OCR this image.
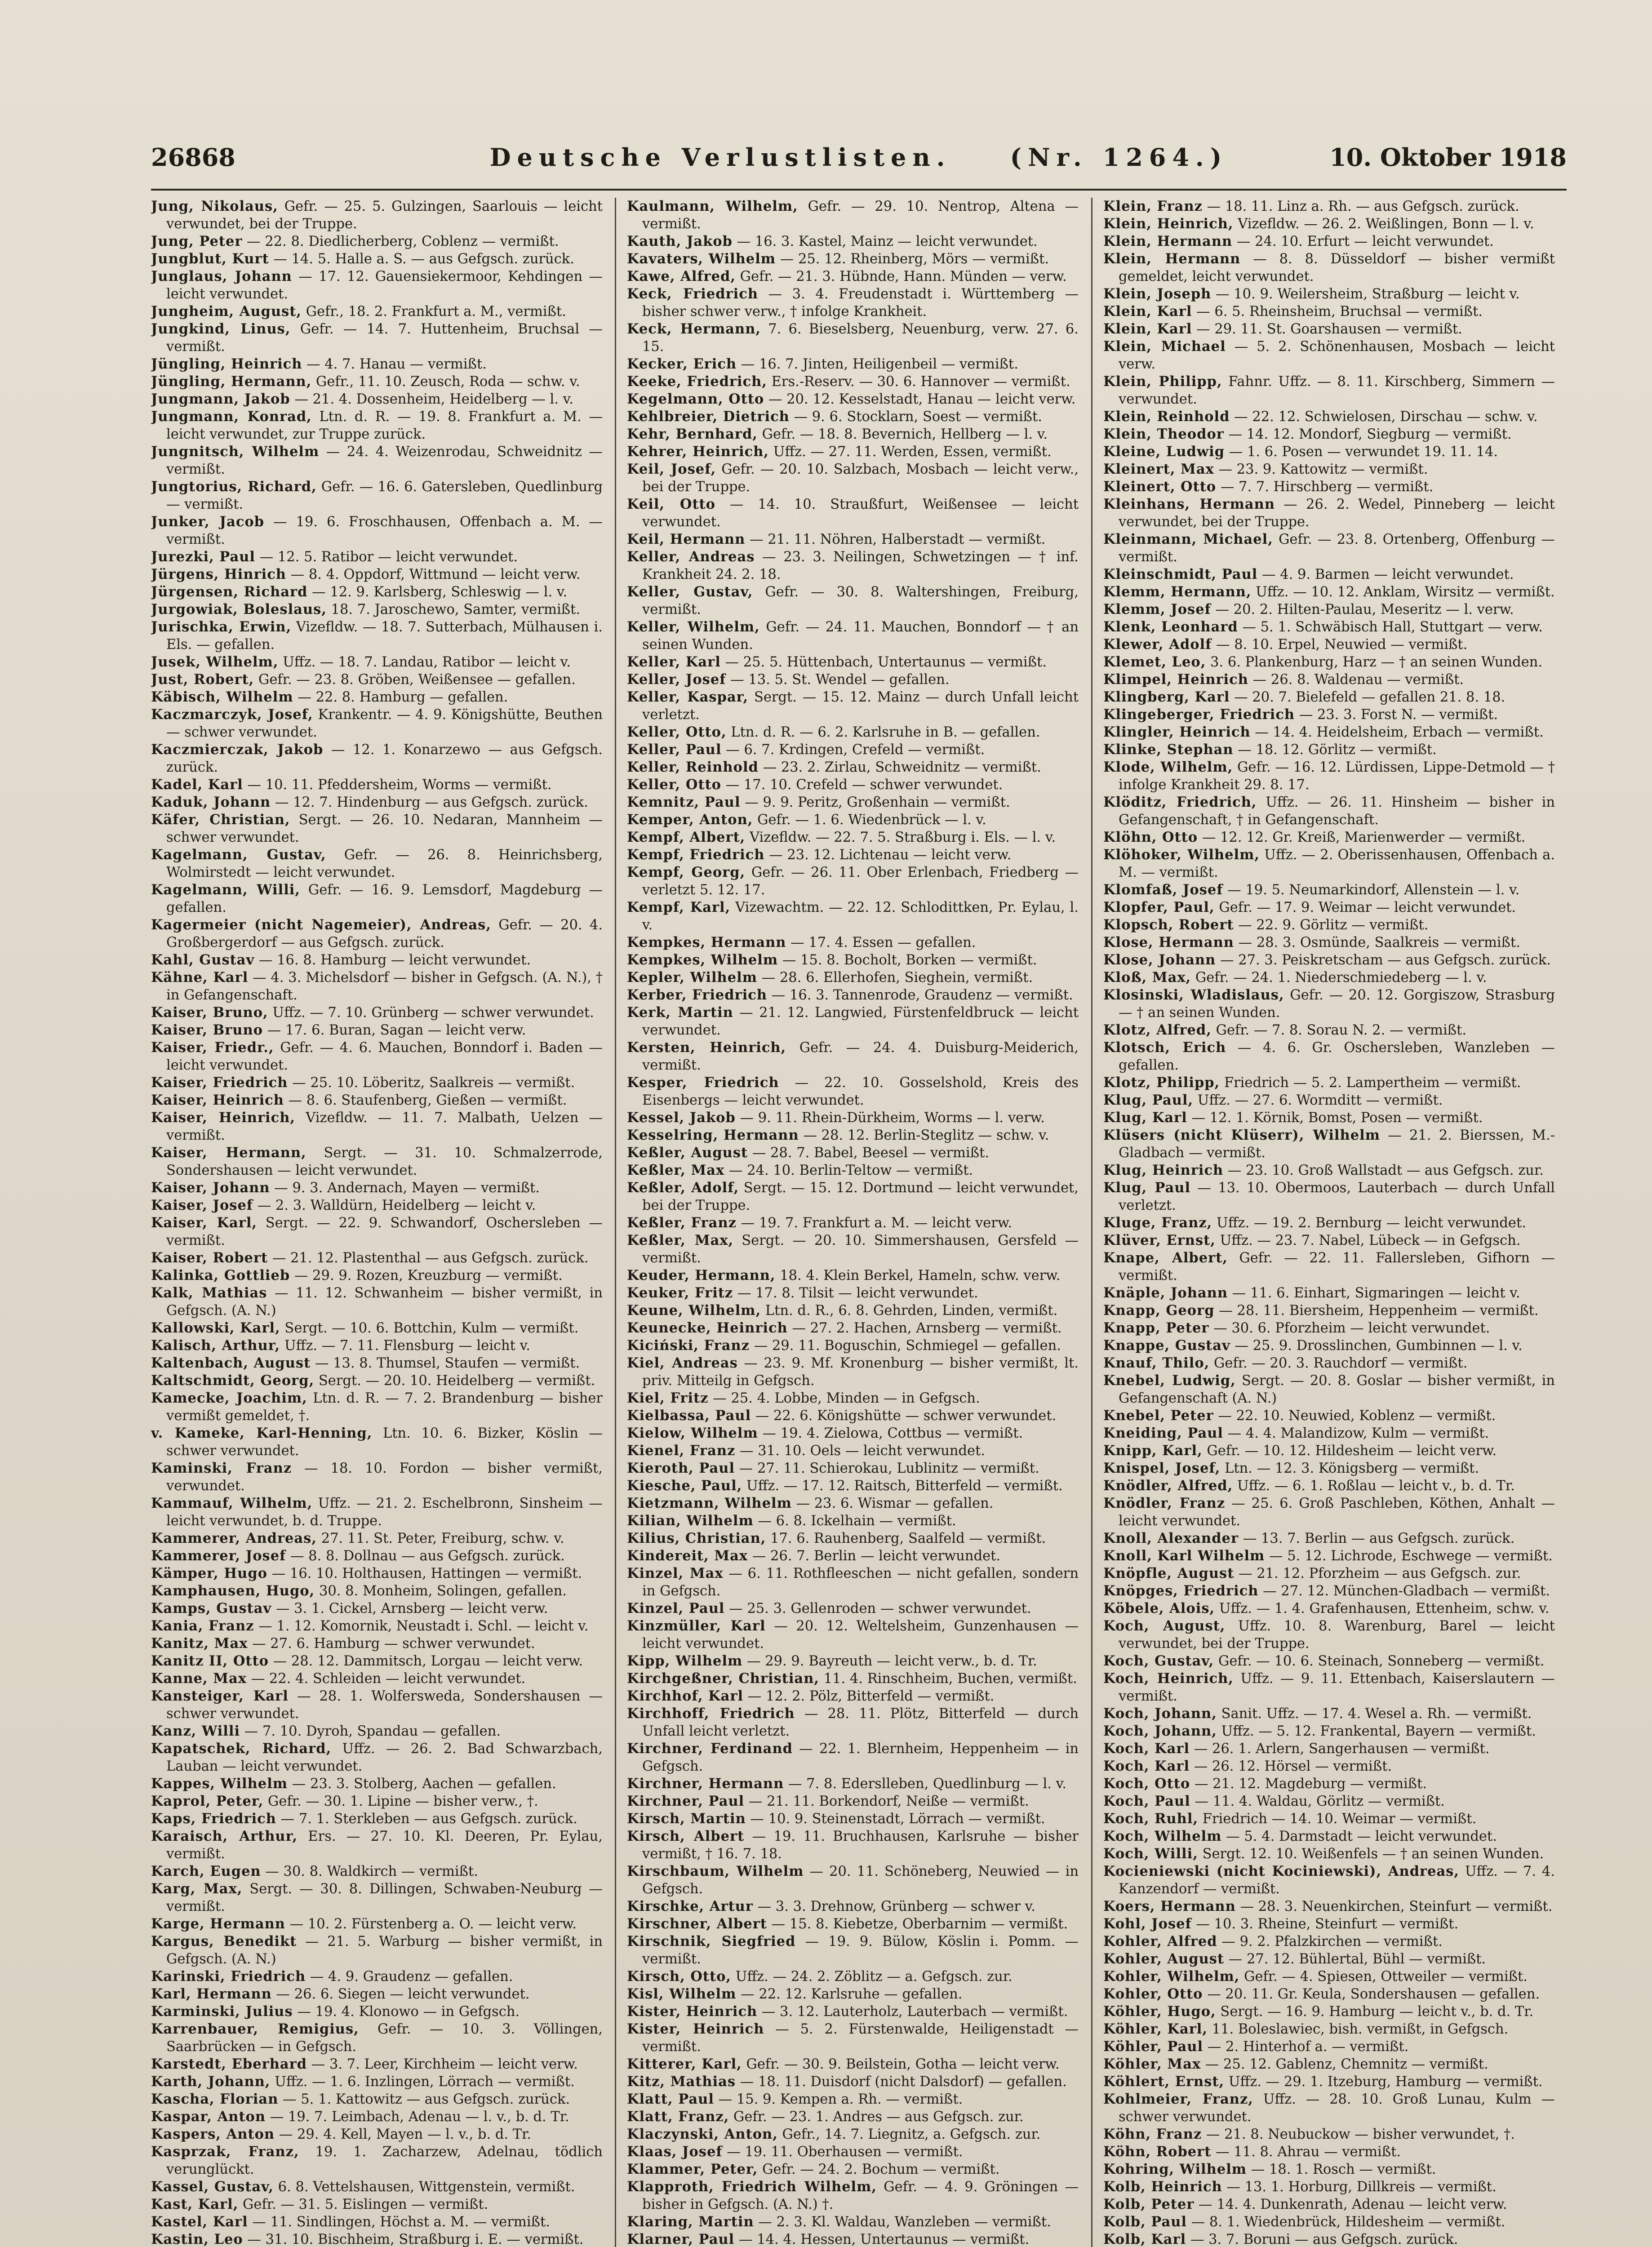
26868	Deutsche Verlustlisten. (Nr. 1264.)	10. Oktober 1918

Jung, Nikolaus, Gefr. — 25. 5. Gulzingen, Saarlouis — leicht verwundet, bei der Truppe.

Jung, Peter — 22. 8. Diedlicherberg, Coblenz — vermißt.

Jungblut, Kurt — 14. 5. Halle a. S. — aus Gefgsch. zurück.

Junglaus, Johann — 17. 12. Gauensiekermoor, Kehdingen — leicht verwundet.

Jungheim, August, Gefr., 18. 2. Frankfurt a. M., vermißt.

Jungkind, Linus, Gefr. — 14. 7. Huttenheim, Bruchsal — vermißt.

Jüngling, Heinrich — 4. 7. Hanau — vermißt.

Jüngling, Hermann, Gefr., 11. 10. Zeusch, Roda — schw. v.

Jungmann, Jakob — 21. 4. Dossenheim, Heidelberg — l. v.

Jungmann, Konrad, Ltn. d. R. — 19. 8. Frankfurt a. M. — leicht verwundet, zur Truppe zurück.

Jungnitsch, Wilhelm — 24. 4. Weizenrodau, Schweidnitz — vermißt.

Jungtorius, Richard, Gefr. — 16. 6. Gatersleben, Quedlinburg — vermißt.

Junker, Jacob — 19. 6. Froschhausen, Offenbach a. M. — vermißt.

Jurezki, Paul — 12. 5. Ratibor — leicht verwundet.

Jürgens, Hinrich — 8. 4. Oppdorf, Wittmund — leicht verw.

Jürgensen, Richard — 12. 9. Karlsberg, Schleswig — l. v.

Jurgowiak, Boleslaus, 18. 7. Jaroschewo, Samter, vermißt.

Jurischka, Erwin, Vizefldw. — 18. 7. Sutterbach, Mülhausen i. Els. — gefallen.

Jusek, Wilhelm, Uffz. — 18. 7. Landau, Ratibor — leicht v.

Just, Robert, Gefr. — 23. 8. Gröben, Weißensee — gefallen.

Käbisch, Wilhelm — 22. 8. Hamburg — gefallen.

Kaczmarczyk, Josef, Krankentr. — 4. 9. Königshütte, Beuthen — schwer verwundet.

Kaczmierczak, Jakob — 12. 1. Konarzewo — aus Gefgsch. zurück.

Kadel, Karl — 10. 11. Pfeddersheim, Worms — vermißt.

Kaduk, Johann — 12. 7. Hindenburg — aus Gefgsch. zurück.

Käfer, Christian, Sergt. — 26. 10. Nedaran, Mannheim — schwer verwundet.

Kagelmann, Gustav, Gefr. — 26. 8. Heinrichsberg, Wolmirstedt — leicht verwundet.

Kagelmann, Willi, Gefr. — 16. 9. Lemsdorf, Magdeburg — gefallen.

Kagermeier (nicht Nagemeier), Andreas, Gefr. — 20. 4. Großbergerdorf — aus Gefgsch. zurück.

Kahl, Gustav — 16. 8. Hamburg — leicht verwundet.

Kähne, Karl — 4. 3. Michelsdorf — bisher in Gefgsch. (A. N.), † in Gefangenschaft.

Kaiser, Bruno, Uffz. — 7. 10. Grünberg — schwer verwundet.

Kaiser, Bruno — 17. 6. Buran, Sagan — leicht verw.

Kaiser, Friedr., Gefr. — 4. 6. Mauchen, Bonndorf i. Baden — leicht verwundet.

Kaiser, Friedrich — 25. 10. Löberitz, Saalkreis — vermißt.

Kaiser, Heinrich — 8. 6. Staufenberg, Gießen — vermißt.

Kaiser, Heinrich, Vizefldw. — 11. 7. Malbath, Uelzen — vermißt.

Kaiser, Hermann, Sergt. — 31. 10. Schmalzerrode, Sondershausen — leicht verwundet.

Kaiser, Johann — 9. 3. Andernach, Mayen — vermißt.

Kaiser, Josef — 2. 3. Walldürn, Heidelberg — leicht v.

Kaiser, Karl, Sergt. — 22. 9. Schwandorf, Oschersleben — vermißt.

Kaiser, Robert — 21. 12. Plastenthal — aus Gefgsch. zurück.

Kalinka, Gottlieb — 29. 9. Rozen, Kreuzburg — vermißt.

Kalk, Mathias — 11. 12. Schwanheim — bisher vermißt, in Gefgsch. (A. N.)

Kallowski, Karl, Sergt. — 10. 6. Bottchin, Kulm — vermißt.

Kalisch, Arthur, Uffz. — 7. 11. Flensburg — leicht v.

Kaltenbach, August — 13. 8. Thumsel, Staufen — vermißt.

Kaltschmidt, Georg, Sergt. — 20. 10. Heidelberg — vermißt.

Kamecke, Joachim, Ltn. d. R. — 7. 2. Brandenburg — bisher vermißt gemeldet, †.

v. Kameke, Karl-Henning, Ltn. 10. 6. Bizker, Köslin — schwer verwundet.

Kaminski, Franz — 18. 10. Fordon — bisher vermißt, verwundet.

Kammauf, Wilhelm, Uffz. — 21. 2. Eschelbronn, Sinsheim — leicht verwundet, b. d. Truppe.

Kammerer, Andreas, 27. 11. St. Peter, Freiburg, schw. v.

Kammerer, Josef — 8. 8. Dollnau — aus Gefgsch. zurück.

Kämper, Hugo — 16. 10. Holthausen, Hattingen — vermißt.

Kamphausen, Hugo, 30. 8. Monheim, Solingen, gefallen.

Kamps, Gustav — 3. 1. Cickel, Arnsberg — leicht verw.

Kania, Franz — 1. 12. Komornik, Neustadt i. Schl. — leicht v.

Kanitz, Max — 27. 6. Hamburg — schwer verwundet.

Kanitz II, Otto — 28. 12. Dammitsch, Lorgau — leicht verw.

Kanne, Max — 22. 4. Schleiden — leicht verwundet.

Kansteiger, Karl — 28. 1. Wolfersweda, Sondershausen — schwer verwundet.

Kanz, Willi — 7. 10. Dyroh, Spandau — gefallen.

Kapatschek, Richard, Uffz. — 26. 2. Bad Schwarzbach, Lauban — leicht verwundet.

Kappes, Wilhelm — 23. 3. Stolberg, Aachen — gefallen.

Kaprol, Peter, Gefr. — 30. 1. Lipine — bisher verw., †.

Kaps, Friedrich — 7. 1. Sterkleben — aus Gefgsch. zurück.

Karaisch, Arthur, Ers. — 27. 10. Kl. Deeren, Pr. Eylau, vermißt.

Karch, Eugen — 30. 8. Waldkirch — vermißt.

Karg, Max, Sergt. — 30. 8. Dillingen, Schwaben-Neuburg — vermißt.

Karge, Hermann — 10. 2. Fürstenberg a. O. — leicht verw.

Kargus, Benedikt — 21. 5. Warburg — bisher vermißt, in Gefgsch. (A. N.)

Karinski, Friedrich — 4. 9. Graudenz — gefallen.

Karl, Hermann — 26. 6. Siegen — leicht verwundet.

Karminski, Julius — 19. 4. Klonowo — in Gefgsch.

Karrenbauer, Remigius, Gefr. — 10. 3. Völlingen, Saarbrücken — in Gefgsch.

Karstedt, Eberhard — 3. 7. Leer, Kirchheim — leicht verw.

Karth, Johann, Uffz. — 1. 6. Inzlingen, Lörrach — vermißt.

Kascha, Florian — 5. 1. Kattowitz — aus Gefgsch. zurück.

Kaspar, Anton — 19. 7. Leimbach, Adenau — l. v., b. d. Tr.

Kaspers, Anton — 29. 4. Kell, Mayen — l. v., b. d. Tr.

Kasprzak, Franz, 19. 1. Zacharzew, Adelnau, tödlich verunglückt.

Kassel, Gustav, 6. 8. Vettelshausen, Wittgenstein, vermißt.

Kast, Karl, Gefr. — 31. 5. Eislingen — vermißt.

Kastel, Karl — 11. Sindlingen, Höchst a. M. — vermißt.

Kastin, Leo — 31. 10. Bischheim, Straßburg i. E. — vermißt.

Kaulmann, Wilhelm, Gefr. — 29. 10. Nentrop, Altena — vermißt.

Kauth, Jakob — 16. 3. Kastel, Mainz — leicht verwundet.

Kavaters, Wilhelm — 25. 12. Rheinberg, Mörs — vermißt.

Kawe, Alfred, Gefr. — 21. 3. Hübnde, Hann. Münden — verw.

Keck, Friedrich — 3. 4. Freudenstadt i. Württemberg — bisher schwer verw., † infolge Krankheit.

Keck, Hermann, 7. 6. Bieselsberg, Neuenburg, verw. 27. 6. 15.

Kecker, Erich — 16. 7. Jinten, Heiligenbeil — vermißt.

Keeke, Friedrich, Ers.-Reserv. — 30. 6. Hannover — vermißt.

Kegelmann, Otto — 20. 12. Kesselstadt, Hanau — leicht verw.

Kehlbreier, Dietrich — 9. 6. Stocklarn, Soest — vermißt.

Kehr, Bernhard, Gefr. — 18. 8. Bevernich, Hellberg — l. v.

Kehrer, Heinrich, Uffz. — 27. 11. Werden, Essen, vermißt.

Keil, Josef, Gefr. — 20. 10. Salzbach, Mosbach — leicht verw., bei der Truppe.

Keil, Otto — 14. 10. Straußfurt, Weißensee — leicht verwundet.

Keil, Hermann — 21. 11. Nöhren, Halberstadt — vermißt.

Keller, Andreas — 23. 3. Neilingen, Schwetzingen — † inf. Krankheit 24. 2. 18.

Keller, Gustav, Gefr. — 30. 8. Waltershingen, Freiburg, vermißt.

Keller, Wilhelm, Gefr. — 24. 11. Mauchen, Bonndorf — † an seinen Wunden.

Keller, Karl — 25. 5. Hüttenbach, Untertaunus — vermißt.

Keller, Josef — 13. 5. St. Wendel — gefallen.

Keller, Kaspar, Sergt. — 15. 12. Mainz — durch Unfall leicht verletzt.

Keller, Otto, Ltn. d. R. — 6. 2. Karlsruhe in B. — gefallen.

Keller, Paul — 6. 7. Krdingen, Crefeld — vermißt.

Keller, Reinhold — 23. 2. Zirlau, Schweidnitz — vermißt.

Keller, Otto — 17. 10. Crefeld — schwer verwundet.

Kemnitz, Paul — 9. 9. Peritz, Großenhain — vermißt.

Kemper, Anton, Gefr. — 1. 6. Wiedenbrück — l. v.

Kempf, Albert, Vizefldw. — 22. 7. 5. Straßburg i. Els. — l. v.

Kempf, Friedrich — 23. 12. Lichtenau — leicht verw.

Kempf, Georg, Gefr. — 26. 11. Ober Erlenbach, Friedberg — verletzt 5. 12. 17.

Kempf, Karl, Vizewachtm. — 22. 12. Schlodittken, Pr. Eylau, l. v.

Kempkes, Hermann — 17. 4. Essen — gefallen.

Kempkes, Wilhelm — 15. 8. Bocholt, Borken — vermißt.

Kepler, Wilhelm — 28. 6. Ellerhofen, Sieghein, vermißt.

Kerber, Friedrich — 16. 3. Tannenrode, Graudenz — vermißt.

Kerk, Martin — 21. 12. Langwied, Fürstenfeldbruck — leicht verwundet.

Kersten, Heinrich, Gefr. — 24. 4. Duisburg-Meiderich, vermißt.

Kesper, Friedrich — 22. 10. Gosselshold, Kreis des Eisenbergs — leicht verwundet.

Kessel, Jakob — 9. 11. Rhein-Dürkheim, Worms — l. verw.

Kesselring, Hermann — 28. 12. Berlin-Steglitz — schw. v.

Keßler, August — 28. 7. Babel, Beesel — vermißt.

Keßler, Max — 24. 10. Berlin-Teltow — vermißt.

Keßler, Adolf, Sergt. — 15. 12. Dortmund — leicht verwundet, bei der Truppe.

Keßler, Franz — 19. 7. Frankfurt a. M. — leicht verw.

Keßler, Max, Sergt. — 20. 10. Simmershausen, Gersfeld — vermißt.

Keuder, Hermann, 18. 4. Klein Berkel, Hameln, schw. verw.

Keuker, Fritz — 17. 8. Tilsit — leicht verwundet.

Keune, Wilhelm, Ltn. d. R., 6. 8. Gehrden, Linden, vermißt.

Keunecke, Heinrich — 27. 2. Hachen, Arnsberg — vermißt.

Kiciński, Franz — 29. 11. Boguschin, Schmiegel — gefallen.

Kiel, Andreas — 23. 9. Mf. Kronenburg — bisher vermißt, lt. priv. Mitteilg in Gefgsch.

Kiel, Fritz — 25. 4. Lobbe, Minden — in Gefgsch.

Kielbassa, Paul — 22. 6. Königshütte — schwer verwundet.

Kielow, Wilhelm — 19. 4. Zielowa, Cottbus — vermißt.

Kienel, Franz — 31. 10. Oels — leicht verwundet.

Kieroth, Paul — 27. 11. Schierokau, Lublinitz — vermißt.

Kiesche, Paul, Uffz. — 17. 12. Raitsch, Bitterfeld — vermißt.

Kietzmann, Wilhelm — 23. 6. Wismar — gefallen.

Kilian, Wilhelm — 6. 8. Ickelhain — vermißt.

Kilius, Christian, 17. 6. Rauhenberg, Saalfeld — vermißt.

Kindereit, Max — 26. 7. Berlin — leicht verwundet.

Kinzel, Max — 6. 11. Rothfleeschen — nicht gefallen, sondern in Gefgsch.

Kinzel, Paul — 25. 3. Gellenroden — schwer verwundet.

Kinzmüller, Karl — 20. 12. Weltelsheim, Gunzenhausen — leicht verwundet.

Kipp, Wilhelm — 29. 9. Bayreuth — leicht verw., b. d. Tr.

Kirchgeßner, Christian, 11. 4. Rinschheim, Buchen, vermißt.

Kirchhof, Karl — 12. 2. Pölz, Bitterfeld — vermißt.

Kirchhoff, Friedrich — 28. 11. Plötz, Bitterfeld — durch Unfall leicht verletzt.

Kirchner, Ferdinand — 22. 1. Blernheim, Heppenheim — in Gefgsch.

Kirchner, Hermann — 7. 8. Ederslleben, Quedlinburg — l. v.

Kirchner, Paul — 21. 11. Borkendorf, Neiße — vermißt.

Kirsch, Martin — 10. 9. Steinenstadt, Lörrach — vermißt.

Kirsch, Albert — 19. 11. Bruchhausen, Karlsruhe — bisher vermißt, † 16. 7. 18.

Kirschbaum, Wilhelm — 20. 11. Schöneberg, Neuwied — in Gefgsch.

Kirschke, Artur — 3. 3. Drehnow, Grünberg — schwer v.

Kirschner, Albert — 15. 8. Kiebetze, Oberbarnim — vermißt.

Kirschnik, Siegfried — 19. 9. Bülow, Köslin i. Pomm. — vermißt.

Kirsch, Otto, Uffz. — 24. 2. Zöblitz — a. Gefgsch. zur.

Kisl, Wilhelm — 22. 12. Karlsruhe — gefallen.

Kister, Heinrich — 3. 12. Lauterholz, Lauterbach — vermißt.

Kister, Heinrich — 5. 2. Fürstenwalde, Heiligenstadt — vermißt.

Kitterer, Karl, Gefr. — 30. 9. Beilstein, Gotha — leicht verw.

Kitz, Mathias — 18. 11. Duisdorf (nicht Dalsdorf) — gefallen.

Klatt, Paul — 15. 9. Kempen a. Rh. — vermißt.

Klatt, Franz, Gefr. — 23. 1. Andres — aus Gefgsch. zur.

Klaczynski, Anton, Gefr., 14. 7. Liegnitz, a. Gefgsch. zur.

Klaas, Josef — 19. 11. Oberhausen — vermißt.

Klammer, Peter, Gefr. — 24. 2. Bochum — vermißt.

Klapproth, Friedrich Wilhelm, Gefr. — 4. 9. Gröningen — bisher in Gefgsch. (A. N.) †.

Klaring, Martin — 2. 3. Kl. Waldau, Wanzleben — vermißt.

Klarner, Paul — 14. 4. Hessen, Untertaunus — vermißt.

Klein, Franz — 18. 11. Linz a. Rh. — aus Gefgsch. zurück.

Klein, Heinrich, Vizefldw. — 26. 2. Weißlingen, Bonn — l. v.

Klein, Hermann — 24. 10. Erfurt — leicht verwundet.

Klein, Hermann — 8. 8. Düsseldorf — bisher vermißt gemeldet, leicht verwundet.

Klein, Joseph — 10. 9. Weilersheim, Straßburg — leicht v.

Klein, Karl — 6. 5. Rheinsheim, Bruchsal — vermißt.

Klein, Karl — 29. 11. St. Goarshausen — vermißt.

Klein, Michael — 5. 2. Schönenhausen, Mosbach — leicht verw.

Klein, Philipp, Fahnr. Uffz. — 8. 11. Kirschberg, Simmern — verwundet.

Klein, Reinhold — 22. 12. Schwielosen, Dirschau — schw. v.

Klein, Theodor — 14. 12. Mondorf, Siegburg — vermißt.

Kleine, Ludwig — 1. 6. Posen — verwundet 19. 11. 14.

Kleinert, Max — 23. 9. Kattowitz — vermißt.

Kleinert, Otto — 7. 7. Hirschberg — vermißt.

Kleinhans, Hermann — 26. 2. Wedel, Pinneberg — leicht verwundet, bei der Truppe.

Kleinmann, Michael, Gefr. — 23. 8. Ortenberg, Offenburg — vermißt.

Kleinschmidt, Paul — 4. 9. Barmen — leicht verwundet.

Klemm, Hermann, Uffz. — 10. 12. Anklam, Wirsitz — vermißt.

Klemm, Josef — 20. 2. Hilten-Paulau, Meseritz — l. verw.

Klenk, Leonhard — 5. 1. Schwäbisch Hall, Stuttgart — verw.

Klewer, Adolf — 8. 10. Erpel, Neuwied — vermißt.

Klemet, Leo, 3. 6. Plankenburg, Harz — † an seinen Wunden.

Klimpel, Heinrich — 26. 8. Waldenau — vermißt.

Klingberg, Karl — 20. 7. Bielefeld — gefallen 21. 8. 18.

Klingeberger, Friedrich — 23. 3. Forst N. — vermißt.

Klingler, Heinrich — 14. 4. Heidelsheim, Erbach — vermißt.

Klinke, Stephan — 18. 12. Görlitz — vermißt.

Klode, Wilhelm, Gefr. — 16. 12. Lürdissen, Lippe-Detmold — † infolge Krankheit 29. 8. 17.

Klöditz, Friedrich, Uffz. — 26. 11. Hinsheim — bisher in Gefangenschaft, † in Gefangenschaft.

Klöhn, Otto — 12. 12. Gr. Kreiß, Marienwerder — vermißt.

Klöhoker, Wilhelm, Uffz. — 2. Oberissenhausen, Offenbach a. M. — vermißt.

Klomfaß, Josef — 19. 5. Neumarkindorf, Allenstein — l. v.

Klopfer, Paul, Gefr. — 17. 9. Weimar — leicht verwundet.

Klopsch, Robert — 22. 9. Görlitz — vermißt.

Klose, Hermann — 28. 3. Osmünde, Saalkreis — vermißt.

Klose, Johann — 27. 3. Peiskretscham — aus Gefgsch. zurück.

Kloß, Max, Gefr. — 24. 1. Niederschmiedeberg — l. v.

Klosinski, Wladislaus, Gefr. — 20. 12. Gorgiszow, Strasburg — † an seinen Wunden.

Klotz, Alfred, Gefr. — 7. 8. Sorau N. 2. — vermißt.

Klotsch, Erich — 4. 6. Gr. Oschersleben, Wanzleben — gefallen.

Klotz, Philipp, Friedrich — 5. 2. Lampertheim — vermißt.

Klug, Paul, Uffz. — 27. 6. Wormditt — vermißt.

Klug, Karl — 12. 1. Körnik, Bomst, Posen — vermißt.

Klüsers (nicht Klüserr), Wilhelm — 21. 2. Bierssen, M.-Gladbach — vermißt.

Klug, Heinrich — 23. 10. Groß Wallstadt — aus Gefgsch. zur.

Klug, Paul — 13. 10. Obermoos, Lauterbach — durch Unfall verletzt.

Kluge, Franz, Uffz. — 19. 2. Bernburg — leicht verwundet.

Klüver, Ernst, Uffz. — 23. 7. Nabel, Lübeck — in Gefgsch.

Knape, Albert, Gefr. — 22. 11. Fallersleben, Gifhorn — vermißt.

Knäple, Johann — 11. 6. Einhart, Sigmaringen — leicht v.

Knapp, Georg — 28. 11. Biersheim, Heppenheim — vermißt.

Knapp, Peter — 30. 6. Pforzheim — leicht verwundet.

Knappe, Gustav — 25. 9. Drosslinchen, Gumbinnen — l. v.

Knauf, Thilo, Gefr. — 20. 3. Rauchdorf — vermißt.

Knebel, Ludwig, Sergt. — 20. 8. Goslar — bisher vermißt, in Gefangenschaft (A. N.)

Knebel, Peter — 22. 10. Neuwied, Koblenz — vermißt.

Kneiding, Paul — 4. 4. Malandizow, Kulm — vermißt.

Knipp, Karl, Gefr. — 10. 12. Hildesheim — leicht verw.

Knispel, Josef, Ltn. — 12. 3. Königsberg — vermißt.

Knödler, Alfred, Uffz. — 6. 1. Roßlau — leicht v., b. d. Tr.

Knödler, Franz — 25. 6. Groß Paschleben, Köthen, Anhalt — leicht verwundet.

Knoll, Alexander — 13. 7. Berlin — aus Gefgsch. zurück.

Knoll, Karl Wilhelm — 5. 12. Lichrode, Eschwege — vermißt.

Knöpfle, August — 21. 12. Pforzheim — aus Gefgsch. zur.

Knöpges, Friedrich — 27. 12. München-Gladbach — vermißt.

Köbele, Alois, Uffz. — 1. 4. Grafenhausen, Ettenheim, schw. v.

Koch, August, Uffz. 10. 8. Warenburg, Barel — leicht verwundet, bei der Truppe.

Koch, Gustav, Gefr. — 10. 6. Steinach, Sonneberg — vermißt.

Koch, Heinrich, Uffz. — 9. 11. Ettenbach, Kaiserslautern — vermißt.

Koch, Johann, Sanit. Uffz. — 17. 4. Wesel a. Rh. — vermißt.

Koch, Johann, Uffz. — 5. 12. Frankental, Bayern — vermißt.

Koch, Karl — 26. 1. Arlern, Sangerhausen — vermißt.

Koch, Karl — 26. 12. Hörsel — vermißt.

Koch, Otto — 21. 12. Magdeburg — vermißt.

Koch, Paul — 11. 4. Waldau, Görlitz — vermißt.

Koch, Ruhl, Friedrich — 14. 10. Weimar — vermißt.

Koch, Wilhelm — 5. 4. Darmstadt — leicht verwundet.

Koch, Willi, Sergt. 12. 10. Weißenfels — † an seinen Wunden.

Kocieniewski (nicht Kociniewski), Andreas, Uffz. — 7. 4. Kanzendorf — vermißt.

Koers, Hermann — 28. 3. Neuenkirchen, Steinfurt — vermißt.

Kohl, Josef — 10. 3. Rheine, Steinfurt — vermißt.

Kohler, Alfred — 9. 2. Pfalzkirchen — vermißt.

Kohler, August — 27. 12. Bühlertal, Bühl — vermißt.

Kohler, Wilhelm, Gefr. — 4. Spiesen, Ottweiler — vermißt.

Kohler, Otto — 20. 11. Gr. Keula, Sondershausen — gefallen.

Köhler, Hugo, Sergt. — 16. 9. Hamburg — leicht v., b. d. Tr.

Köhler, Karl, 11. Boleslawiec, bish. vermißt, in Gefgsch.

Köhler, Paul — 2. Hinterhof a. — vermißt.

Köhler, Max — 25. 12. Gablenz, Chemnitz — vermißt.

Köhlert, Ernst, Uffz. — 29. 1. Itzeburg, Hamburg — vermißt.

Kohlmeier, Franz, Uffz. — 28. 10. Groß Lunau, Kulm — schwer verwundet.

Köhn, Franz — 21. 8. Neubuckow — bisher verwundet, †.

Köhn, Robert — 11. 8. Ahrau — vermißt.

Kohring, Wilhelm — 18. 1. Rosch — vermißt.

Kolb, Heinrich — 13. 1. Horburg, Dillkreis — vermißt.

Kolb, Peter — 14. 4. Dunkenrath, Adenau — leicht verw.

Kolb, Paul — 8. 1. Wiedenbrück, Hildesheim — vermißt.

Kolb, Karl — 3. 7. Boruni — aus Gefgsch. zurück.
